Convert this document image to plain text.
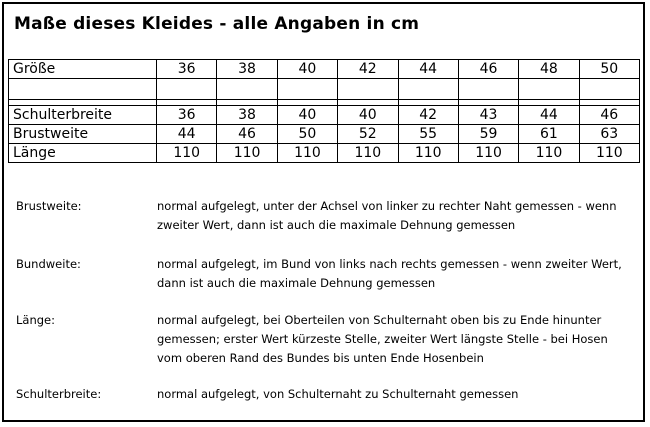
Maße dieses Kleides - alle Angaben in cm
Größe	36	38	40	42	44	46	48	50

Schulterbreite	36	38	40	40	42	43	44	46
Brustweite	44	46	50	52	55	59	61	63
Länge	110	110	110	110	110	110	110	110
Brustweite:	normal aufgelegt, unter der Achsel von linker zu rechter Naht gemessen - wenn zweiter Wert, dann ist auch die maximale Dehnung gemessen
Bundweite:	normal aufgelegt, im Bund von links nach rechts gemessen - wenn zweiter Wert, dann ist auch die maximale Dehnung gemessen
Länge:	normal aufgelegt, bei Oberteilen von Schulternaht oben bis zu Ende hinunter gemessen; erster Wert kürzeste Stelle, zweiter Wert längste Stelle - bei Hosen vom oberen Rand des Bundes bis unten Ende Hosenbein
Schulterbreite:	normal aufgelegt, von Schulternaht zu Schulternaht gemessen
